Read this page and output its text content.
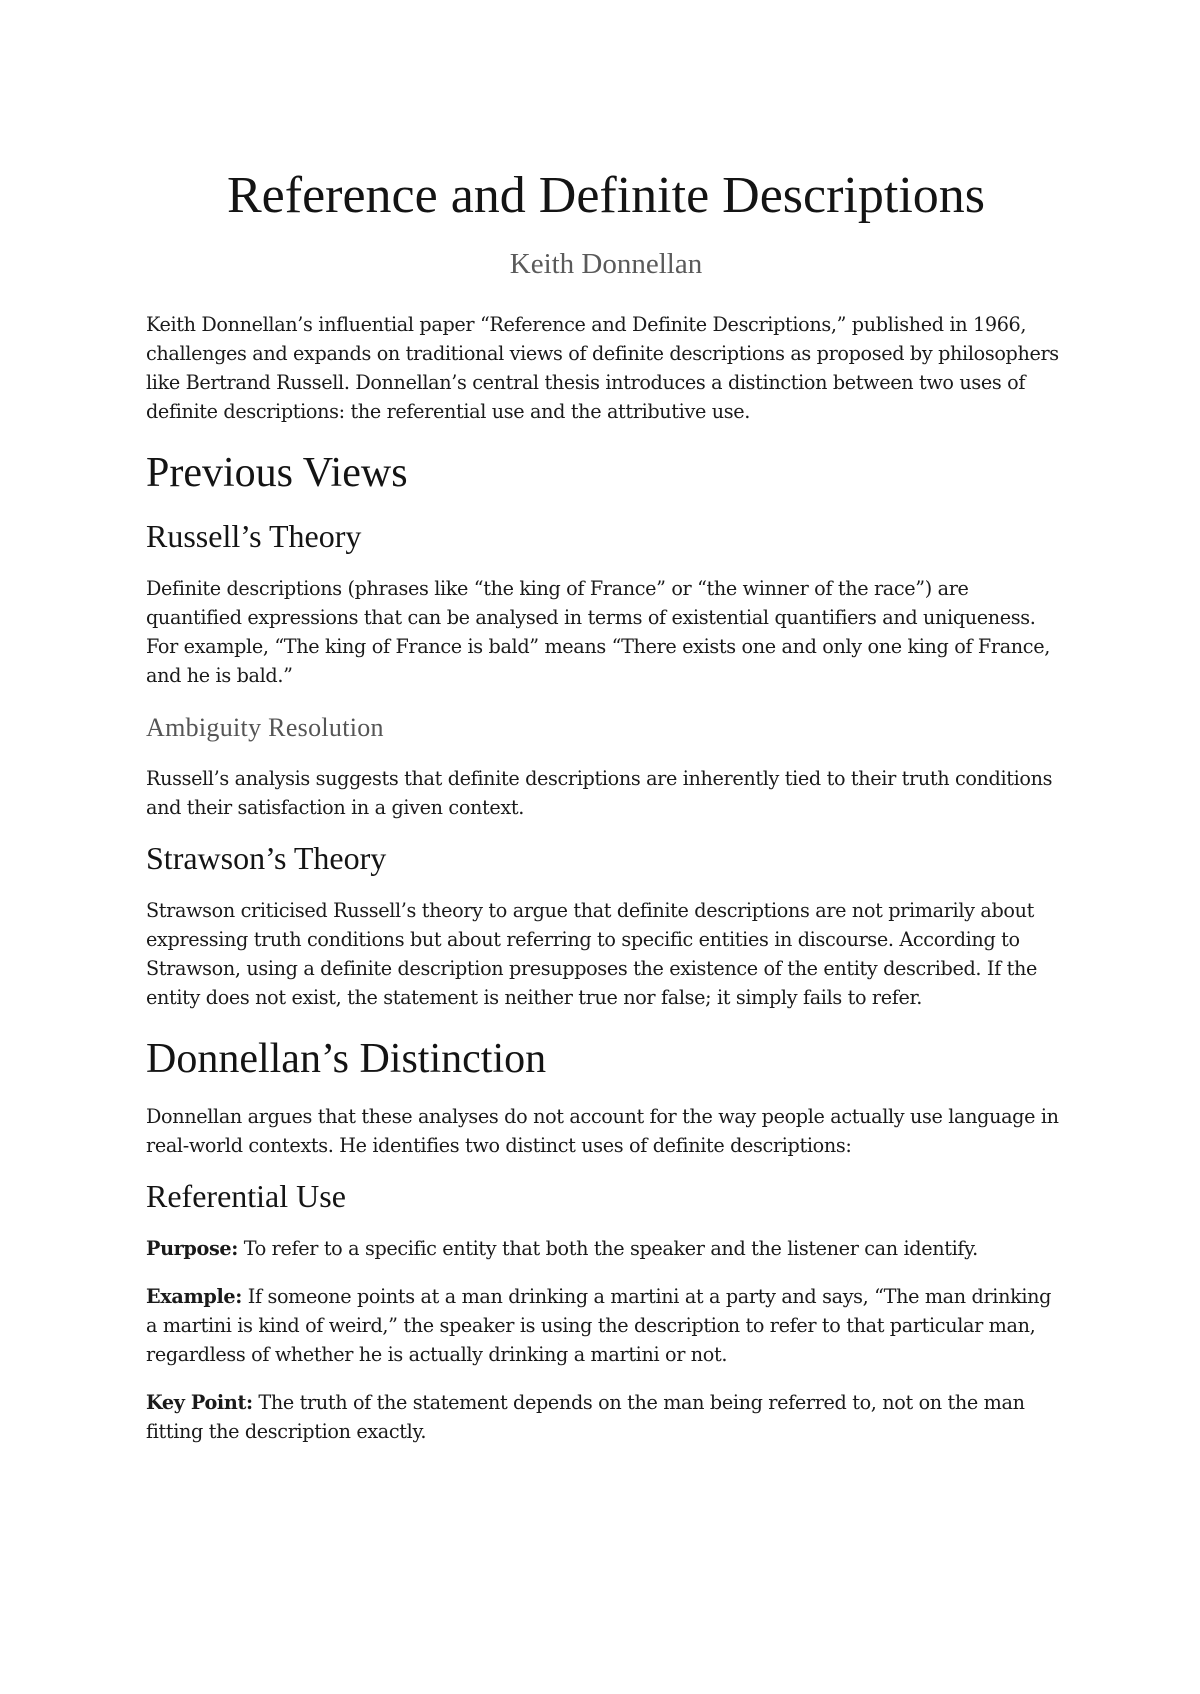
Reference and Definite Descriptions
Keith Donnellan

Keith Donnellan’s influential paper “Reference and Definite Descriptions,” published in 1966, challenges and expands on traditional views of definite descriptions as proposed by philosophers like Bertrand Russell. Donnellan’s central thesis introduces a distinction between two uses of definite descriptions: the referential use and the attributive use.

Previous Views
Russell’s Theory

Definite descriptions (phrases like “the king of France” or “the winner of the race”) are quantified expressions that can be analysed in terms of existential quantifiers and uniqueness. For example, “The king of France is bald” means “There exists one and only one king of France, and he is bald.”

Ambiguity Resolution

Russell’s analysis suggests that definite descriptions are inherently tied to their truth conditions and their satisfaction in a given context.

Strawson’s Theory

Strawson criticised Russell’s theory to argue that definite descriptions are not primarily about expressing truth conditions but about referring to specific entities in discourse. According to Strawson, using a definite description presupposes the existence of the entity described. If the entity does not exist, the statement is neither true nor false; it simply fails to refer.

Donnellan’s Distinction

Donnellan argues that these analyses do not account for the way people actually use language in real-world contexts. He identifies two distinct uses of definite descriptions:

Referential Use

Purpose: To refer to a specific entity that both the speaker and the listener can identify.

Example: If someone points at a man drinking a martini at a party and says, “The man drinking a martini is kind of weird,” the speaker is using the description to refer to that particular man, regardless of whether he is actually drinking a martini or not.

Key Point: The truth of the statement depends on the man being referred to, not on the man fitting the description exactly.
